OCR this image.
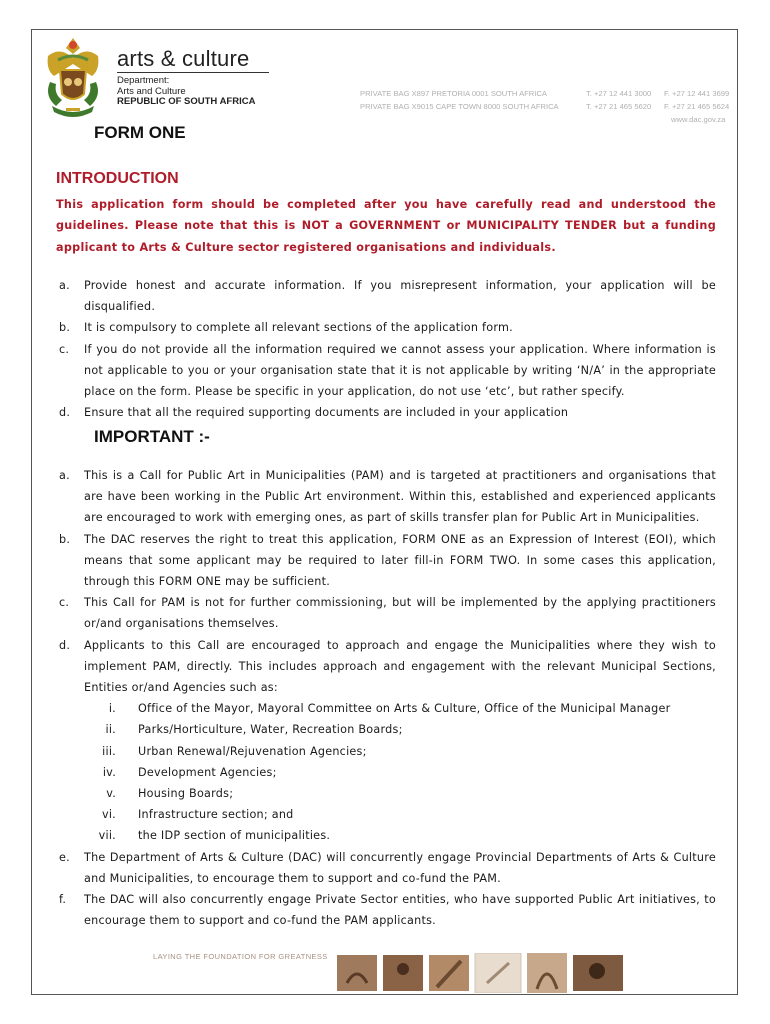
arts & culture
Department:
Arts and Culture
REPUBLIC OF SOUTH AFRICA
PRIVATE BAG X897 PRETORIA 0001 SOUTH AFRICA
PRIVATE BAG X9015 CAPE TOWN 8000 SOUTH AFRICA
T. +27 12 441 3000
T. +27 21 465 5620
F. +27 12 441 3699
F. +27 21 465 5624
www.dac.gov.za
FORM ONE
INTRODUCTION
This application form should be completed after you have carefully read and understood the guidelines. Please note that this is NOT a GOVERNMENT or MUNICIPALITY TENDER but a funding applicant to Arts & Culture sector registered organisations and individuals.
a. Provide honest and accurate information. If you misrepresent information, your application will be disqualified.
b. It is compulsory to complete all relevant sections of the application form.
c. If you do not provide all the information required we cannot assess your application. Where information is not applicable to you or your organisation state that it is not applicable by writing ‘N/A’ in the appropriate place on the form. Please be specific in your application, do not use ‘etc’, but rather specify.
d. Ensure that all the required supporting documents are included in your application
IMPORTANT :-
a. This is a Call for Public Art in Municipalities (PAM) and is targeted at practitioners and organisations that are have been working in the Public Art environment. Within this, established and experienced applicants are encouraged to work with emerging ones, as part of skills transfer plan for Public Art in Municipalities.
b. The DAC reserves the right to treat this application, FORM ONE as an Expression of Interest (EOI), which means that some applicant may be required to later fill-in FORM TWO. In some cases this application, through this FORM ONE may be sufficient.
c. This Call for PAM is not for further commissioning, but will be implemented by the applying practitioners or/and organisations themselves.
d. Applicants to this Call are encouraged to approach and engage the Municipalities where they wish to implement PAM, directly. This includes approach and engagement with the relevant Municipal Sections, Entities or/and Agencies such as:
i. Office of the Mayor, Mayoral Committee on Arts & Culture, Office of the Municipal Manager
ii. Parks/Horticulture, Water, Recreation Boards;
iii. Urban Renewal/Rejuvenation Agencies;
iv. Development Agencies;
v. Housing Boards;
vi. Infrastructure section; and
vii. the IDP section of municipalities.
e. The Department of Arts & Culture (DAC) will concurrently engage Provincial Departments of Arts & Culture and Municipalities, to encourage them to support and co-fund the PAM.
f. The DAC will also concurrently engage Private Sector entities, who have supported Public Art initiatives, to encourage them to support and co-fund the PAM applicants.
LAYING THE FOUNDATION FOR GREATNESS
